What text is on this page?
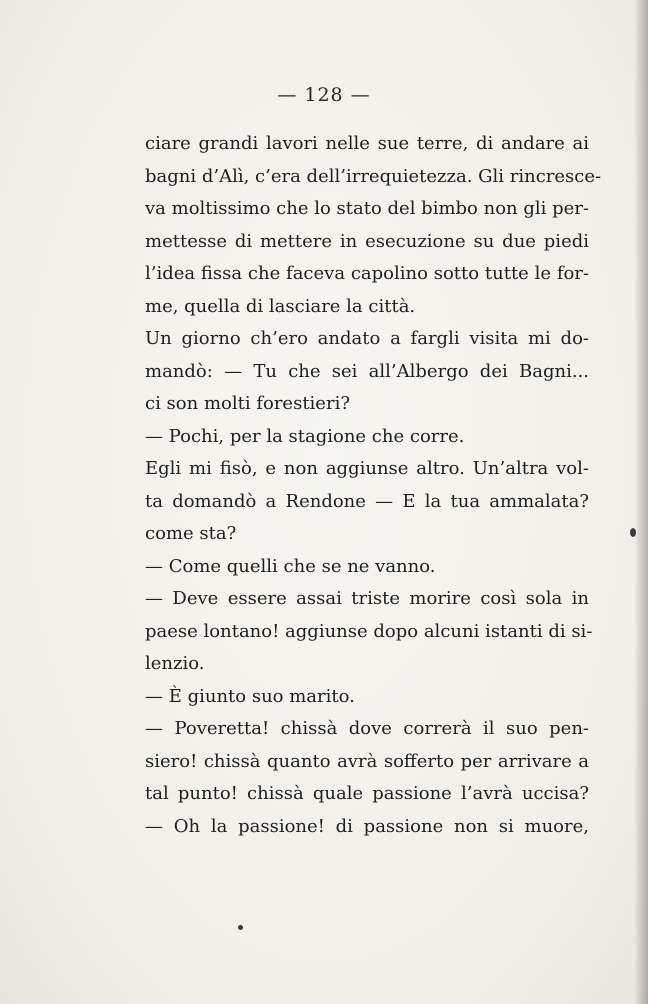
— 128 —
ciare grandi lavori nelle sue terre, di andare ai
bagni d’Alì, c’era dell’irrequietezza. Gli rincresce-
va moltissimo che lo stato del bimbo non gli per-
mettesse di mettere in esecuzione su due piedi
l’idea fissa che faceva capolino sotto tutte le for-
me, quella di lasciare la città.
Un giorno ch’ero andato a fargli visita mi do-
mandò: — Tu che sei all’Albergo dei Bagni...
ci son molti forestieri?
— Pochi, per la stagione che corre.
Egli mi fisò, e non aggiunse altro. Un’altra vol-
ta domandò a Rendone — E la tua ammalata?
come sta?
— Come quelli che se ne vanno.
— Deve essere assai triste morire così sola in
paese lontano! aggiunse dopo alcuni istanti di si-
lenzio.
— È giunto suo marito.
— Poveretta! chissà dove correrà il suo pen-
siero! chissà quanto avrà sofferto per arrivare a
tal punto! chissà quale passione l’avrà uccisa?
— Oh la passione! di passione non si muore,
